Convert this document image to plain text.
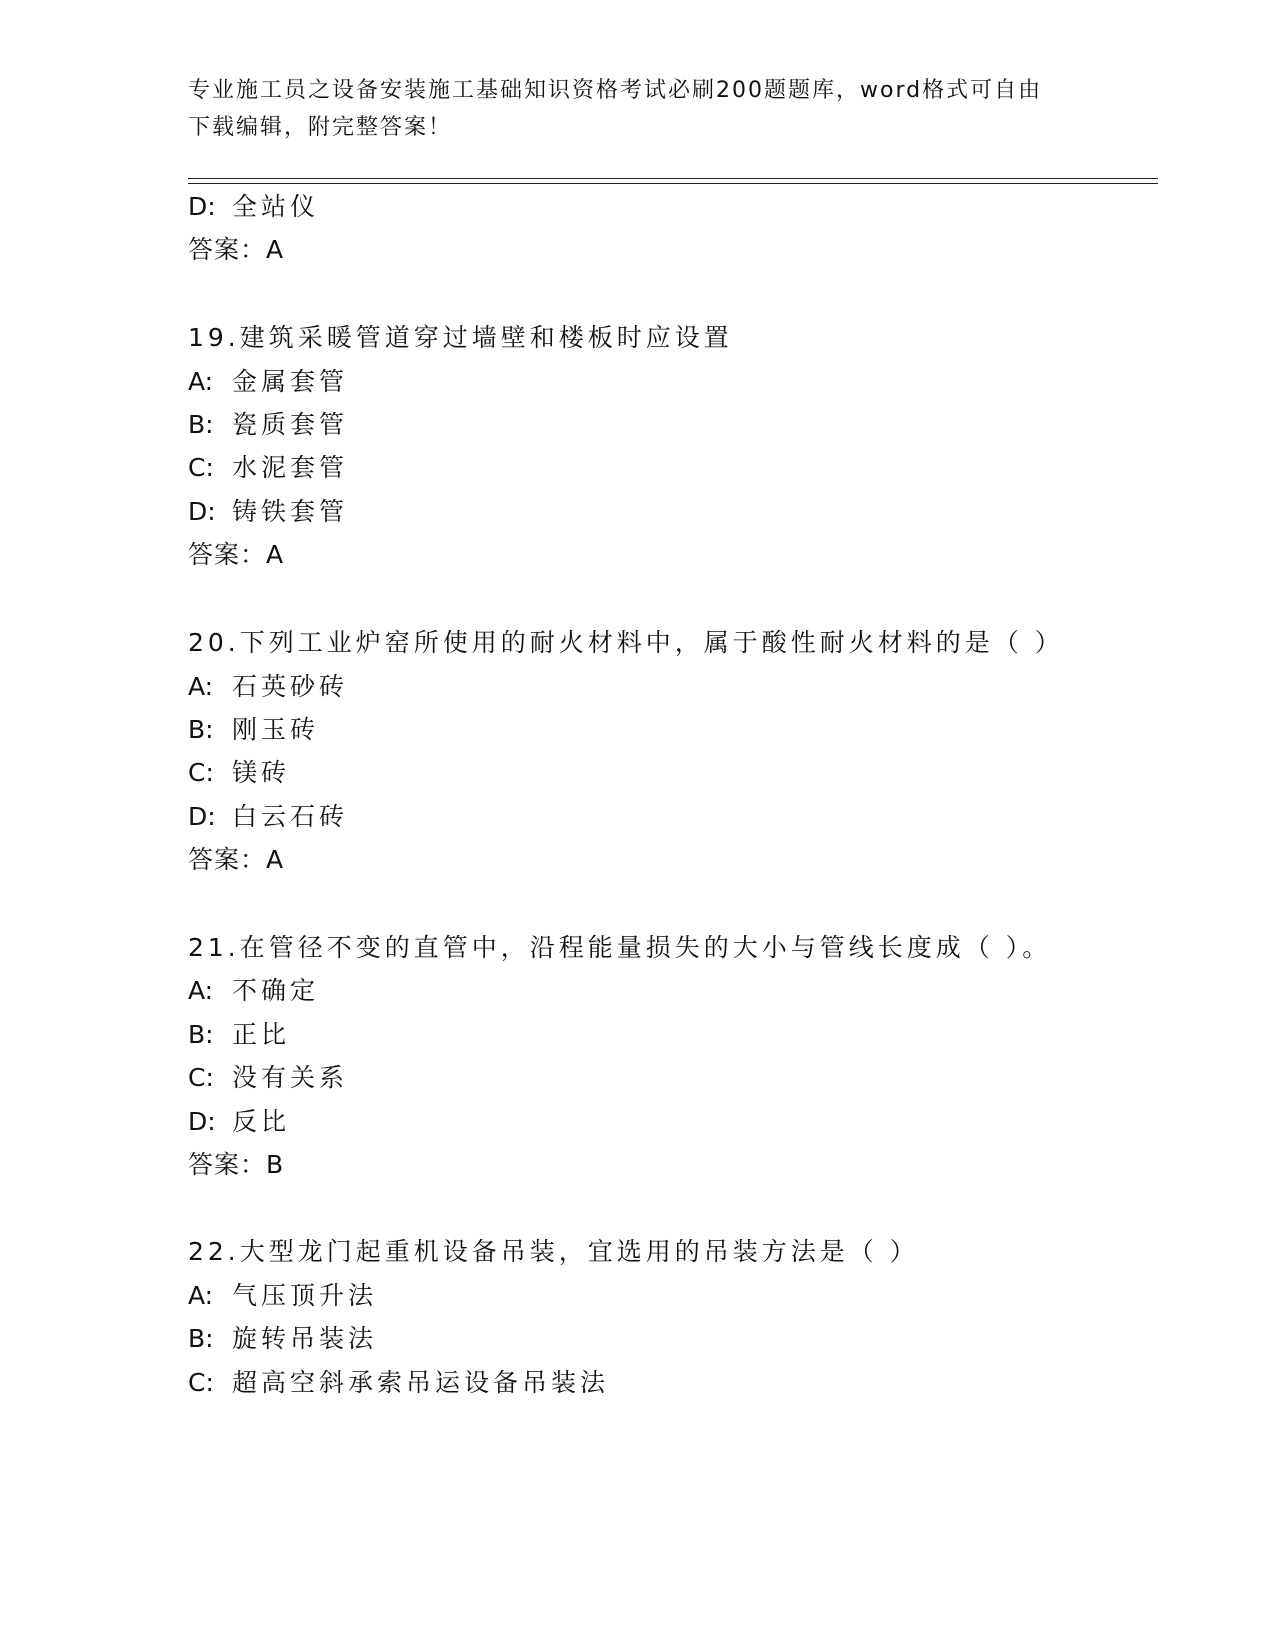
专业施工员之设备安装施工基础知识资格考试必刷200题题库，word格式可自由
下载编辑，附完整答案！
D: 全站仪
答案：A
19.建筑采暖管道穿过墙壁和楼板时应设置
A: 金属套管
B: 瓷质套管
C: 水泥套管
D: 铸铁套管
答案：A
20.下列工业炉窑所使用的耐火材料中，属于酸性耐火材料的是（ ）
A: 石英砂砖
B: 刚玉砖
C: 镁砖
D: 白云石砖
答案：A
21.在管径不变的直管中，沿程能量损失的大小与管线长度成（ ）。
A: 不确定
B: 正比
C: 没有关系
D: 反比
答案：B
22.大型龙门起重机设备吊装，宜选用的吊装方法是（ ）
A: 气压顶升法
B: 旋转吊装法
C: 超高空斜承索吊运设备吊装法
